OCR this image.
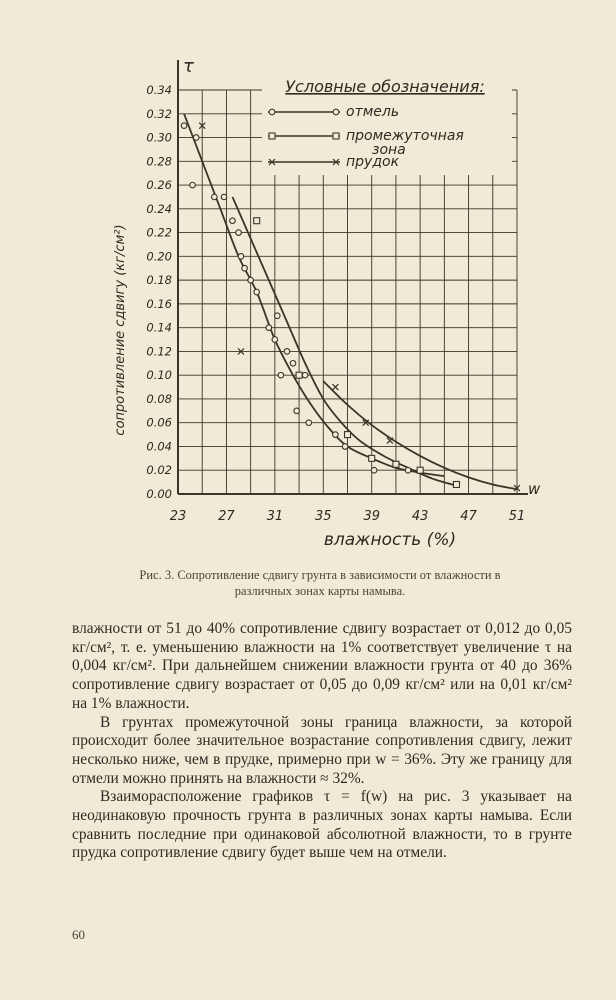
23 27 31 35 39 43 47 51
0.00
0.02
0.04
0.06
0.08
0.10
0.12
0.14
0.16
0.18
0.20
0.22
0.24
0.26
0.28
0.30
0.32
0.34	Условные обозначения:
отмель
промежуточная
зона
прудок
τ
w
сопротивление сдвигу (кг/см²)
влажность (%)
Рис. 3. Сопротивление сдвигу грунта в зависимости от влажности в различных зонах карты намыва.

влажности от 51 до 40% сопротивление сдвигу возрастает от 0,012 до 0,05 кг/см², т. е. уменьшению влажности на 1% соответствует увеличение τ на 0,004 кг/см². При дальнейшем снижении влажности грунта от 40 до 36% сопротивление сдвигу возрастает от 0,05 до 0,09 кг/см² или на 0,01 кг/см² на 1% влажности.

В грунтах промежуточной зоны граница влажности, за которой происходит более значительное возрастание сопротивления сдвигу, лежит несколько ниже, чем в прудке, примерно при w = 36%. Эту же границу для отмели можно принять на влажности ≈ 32%.

Взаиморасположение графиков τ = f(w) на рис. 3 указывает на неодинаковую прочность грунта в различных зонах карты намыва. Если сравнить последние при одинаковой абсолютной влажности, то в грунте прудка сопротивление сдвигу будет выше чем на отмели.

60
